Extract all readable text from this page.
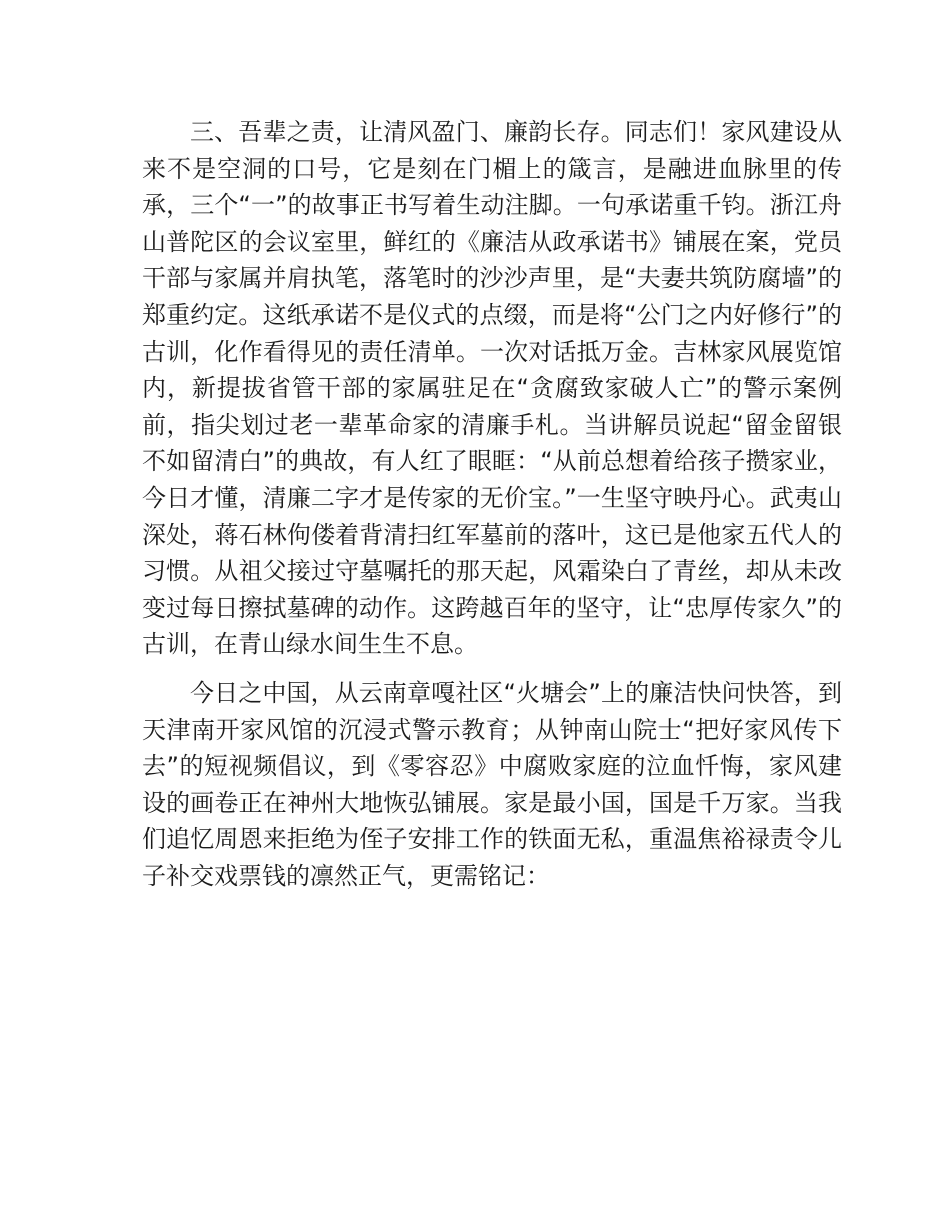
三、吾辈之责，让清风盈门、廉韵长存。同志们！家风建设从来不是空洞的口号，它是刻在门楣上的箴言，是融进血脉里的传承，三个“一”的故事正书写着生动注脚。一句承诺重千钧。浙江舟山普陀区的会议室里，鲜红的《廉洁从政承诺书》铺展在案，党员干部与家属并肩执笔，落笔时的沙沙声里，是“夫妻共筑防腐墙”的郑重约定。这纸承诺不是仪式的点缀，而是将“公门之内好修行”的古训，化作看得见的责任清单。一次对话抵万金。吉林家风展览馆内，新提拔省管干部的家属驻足在“贪腐致家破人亡”的警示案例前，指尖划过老一辈革命家的清廉手札。当讲解员说起“留金留银不如留清白”的典故，有人红了眼眶：“从前总想着给孩子攒家业，今日才懂，清廉二字才是传家的无价宝。”一生坚守映丹心。武夷山深处，蒋石林佝偻着背清扫红军墓前的落叶，这已是他家五代人的习惯。从祖父接过守墓嘱托的那天起，风霜染白了青丝，却从未改变过每日擦拭墓碑的动作。这跨越百年的坚守，让“忠厚传家久”的古训，在青山绿水间生生不息。

今日之中国，从云南章嘎社区“火塘会”上的廉洁快问快答，到天津南开家风馆的沉浸式警示教育；从钟南山院士“把好家风传下去”的短视频倡议，到《零容忍》中腐败家庭的泣血忏悔，家风建设的画卷正在神州大地恢弘铺展。家是最小国，国是千万家。当我们追忆周恩来拒绝为侄子安排工作的铁面无私，重温焦裕禄责令儿子补交戏票钱的凛然正气，更需铭记：
